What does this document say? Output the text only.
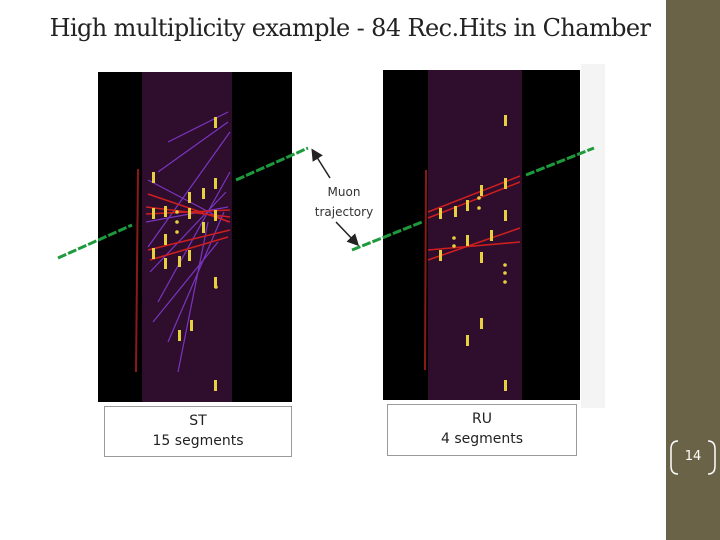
High multiplicity example - 84 Rec.Hits in Chamber
Muon
trajectory
ST
15 segments
RU
4 segments
14
